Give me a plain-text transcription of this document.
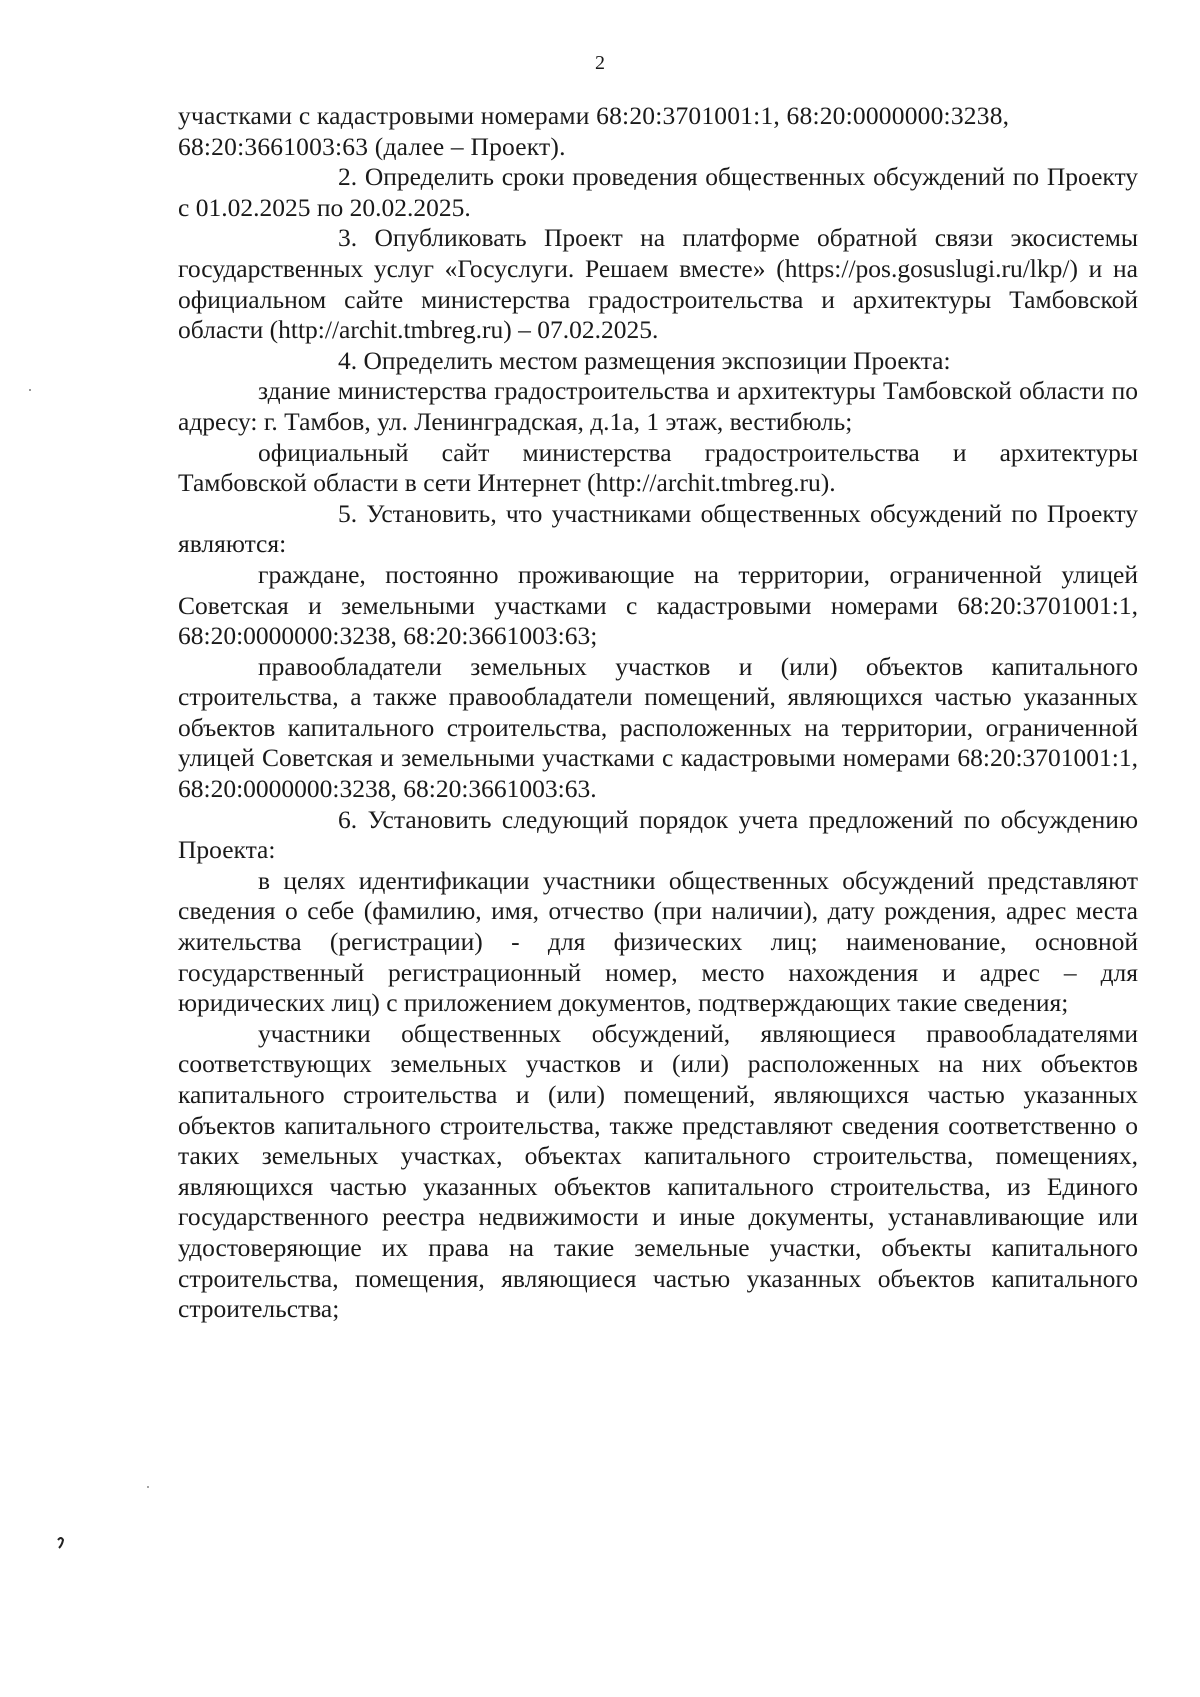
2

участками с кадастровыми номерами 68:20:3701001:1, 68:20:0000000:3238,

68:20:3661003:63 (далее – Проект).

2. Определить сроки проведения общественных обсуждений по Проекту с 01.02.2025 по 20.02.2025.

3. Опубликовать Проект на платформе обратной связи экосистемы государственных услуг «Госуслуги. Решаем вместе» (https://pos.gosuslugi.ru/lkp/) и на официальном сайте министерства градостроительства и архитектуры Тамбовской области (http://archit.tmbreg.ru) – 07.02.2025.

4. Определить местом размещения экспозиции Проекта:

здание министерства градостроительства и архитектуры Тамбовской области по адресу: г. Тамбов, ул. Ленинградская, д.1а, 1 этаж, вестибюль;

официальный сайт министерства градостроительства и архитектуры Тамбовской области в сети Интернет (http://archit.tmbreg.ru).

5. Установить, что участниками общественных обсуждений по Проекту являются:

граждане, постоянно проживающие на территории, ограниченной улицей Советская и земельными участками с кадастровыми номерами 68:20:3701001:1, 68:20:0000000:3238, 68:20:3661003:63;

правообладатели земельных участков и (или) объектов капитального строительства, а также правообладатели помещений, являющихся частью указанных объектов капитального строительства, расположенных на территории, ограниченной улицей Советская и земельными участками с кадастровыми номерами 68:20:3701001:1, 68:20:0000000:3238, 68:20:3661003:63.

6. Установить следующий порядок учета предложений по обсуждению Проекта:

в целях идентификации участники общественных обсуждений представляют сведения о себе (фамилию, имя, отчество (при наличии), дату рождения, адрес места жительства (регистрации) - для физических лиц; наименование, основной государственный регистрационный номер, место нахождения и адрес – для юридических лиц) с приложением документов, подтверждающих такие сведения;

участники общественных обсуждений, являющиеся правообладателями соответствующих земельных участков и (или) расположенных на них объектов капитального строительства и (или) помещений, являющихся частью указанных объектов капитального строительства, также представляют сведения соответственно о таких земельных участках, объектах капитального строительства, помещениях, являющихся частью указанных объектов капитального строительства, из Единого государственного реестра недвижимости и иные документы, устанавливающие или удостоверяющие их права на такие земельные участки, объекты капитального строительства, помещения, являющиеся частью указанных объектов капитального строительства;
